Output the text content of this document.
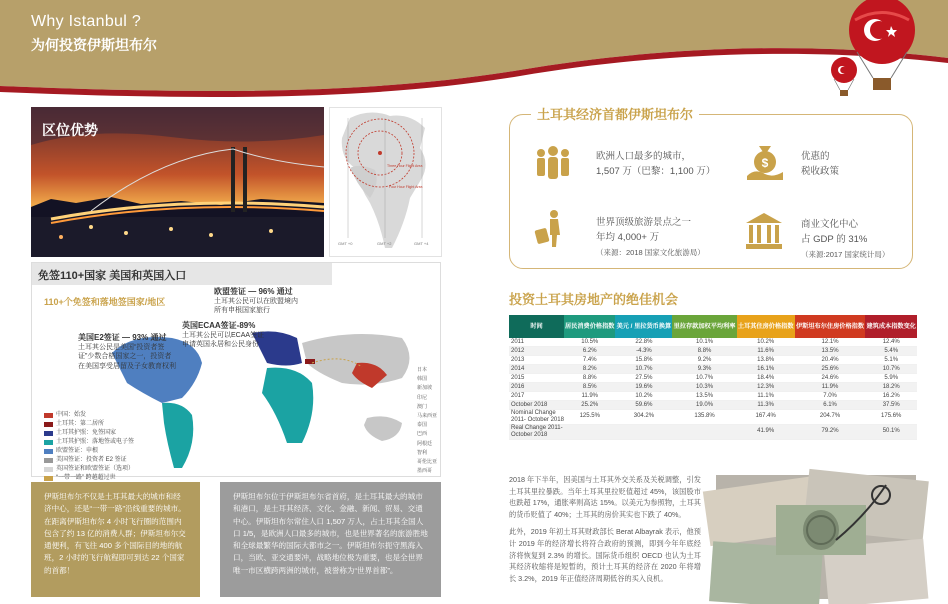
Why Istanbul ?
为何投资伊斯坦布尔
区位优势
Three Hour Flight Area
Four Hour Flight Area
GMT +0	GMT +2	GMT +4
免签110+国家 美国和英国入口
110+个免签和落地签国家/地区
欧盟签证 — 96% 通过
土耳其公民可以在欧盟境内所有申根国家旅行
英国ECAA签证-89%
土耳其公民可以ECAA签证申请英国永居和公民身份
美国E2签证 — 93% 通过
土耳其公民是美国“投资者签证”少数合格国家之一，投资者在美国享受居留及子女教育权利
中国：始发
土耳其：第二居所
土耳其护照：免签国家
土耳其护照：落地签或电子签
欧盟签证：申根
美国签证：投资者 E2 签证
英国签证和欧盟签证（选项）
“一带一路” 跨越超过世
日本
韩国
新加坡
印尼
澳门
马来西亚
泰国
巴西
阿根廷
智利
哥伦比亚
墨西哥
伊斯坦布尔不仅是土耳其最大的城市和经济中心，还是“一带一路”沿线重要的城市。在距离伊斯坦布尔 4 小时飞行圈的范围内包含了约 13 亿的消费人群；伊斯坦布尔交通便利，有飞往 400 多个国际目的地的航班，2 小时的飞行航程即可到达 22 个国家的首都！
伊斯坦布尔位于伊斯坦布尔省首府，是土耳其最大的城市和港口，是土耳其经济、文化、金融、新闻、贸易、交通中心。伊斯坦布尔常住人口 1,507 万人，占土耳其全国人口 1/5，是欧洲人口最多的城市，也是世界著名的旅游胜地和全球最繁华的国际大都市之一。伊斯坦布尔扼守黑海入口，当欧、亚交通要冲，战略地位极为重要，也是全世界唯一市区横跨两洲的城市，被誉称为“世界首都”。
土耳其经济首都伊斯坦布尔
欧洲人口最多的城市，
1,507 万（巴黎：1,100 万）
$	优惠的
税收政策
世界顶级旅游景点之一
年均 4,000+ 万
（来源：2018 国家文化旅游局）
商业文化中心
占 GDP 的 31%
（来源:2017 国家统计局）
投资土耳其房地产的绝佳机会
时间	居民消费价格指数	美元 / 里拉货币换算	里拉存款加权平均利率	土耳其住房价格指数	伊斯坦布尔住房价格指数	建筑成本指数变化
2011	10.5%	22.8%	10.1%	10.2%	12.1%	12.4%
2012	6.2%	-4.3%	8.8%	11.6%	13.5%	5.4%
2013	7.4%	15.8%	9.2%	13.8%	20.4%	5.1%
2014	8.2%	10.7%	9.3%	16.1%	25.6%	10.7%
2015	8.8%	27.5%	10.7%	18.4%	24.6%	5.9%
2016	8.5%	19.6%	10.3%	12.3%	11.9%	18.2%
2017	11.9%	10.2%	13.5%	11.1%	7.0%	16.2%
October 2018	25.2%	59.6%	19.0%	11.3%	6.1%	37.5%
Nominal Change 2011- October 2018	125.5%	304.2%	135.8%	167.4%	204.7%	175.6%
Real Change 2011- October 2018				41.9%	79.2%	50.1%

2018 年下半年，因美国与土耳其外交关系及关税调整，引发土耳其里拉暴跌。当年土耳其里拉贬值超过 45%，该国股市也跌超 17%，通胀率则高达 15%。以美元为参照物，土耳其的货币贬值了 40%；土耳其的房价其实也下跌了 40%。

此外，2019 年初土耳其财政部长 Berat Albayrak 表示，他预计 2019 年的经济增长将符合政府的预测，即到今年年底经济将恢复到 2.3% 的增长。国际货币组织 OECD 也认为土耳其经济收缩将是短暂的，预计土耳其的经济在 2020 年将增长 3.2%，2019 年正值经济周期低谷的买入良机。
